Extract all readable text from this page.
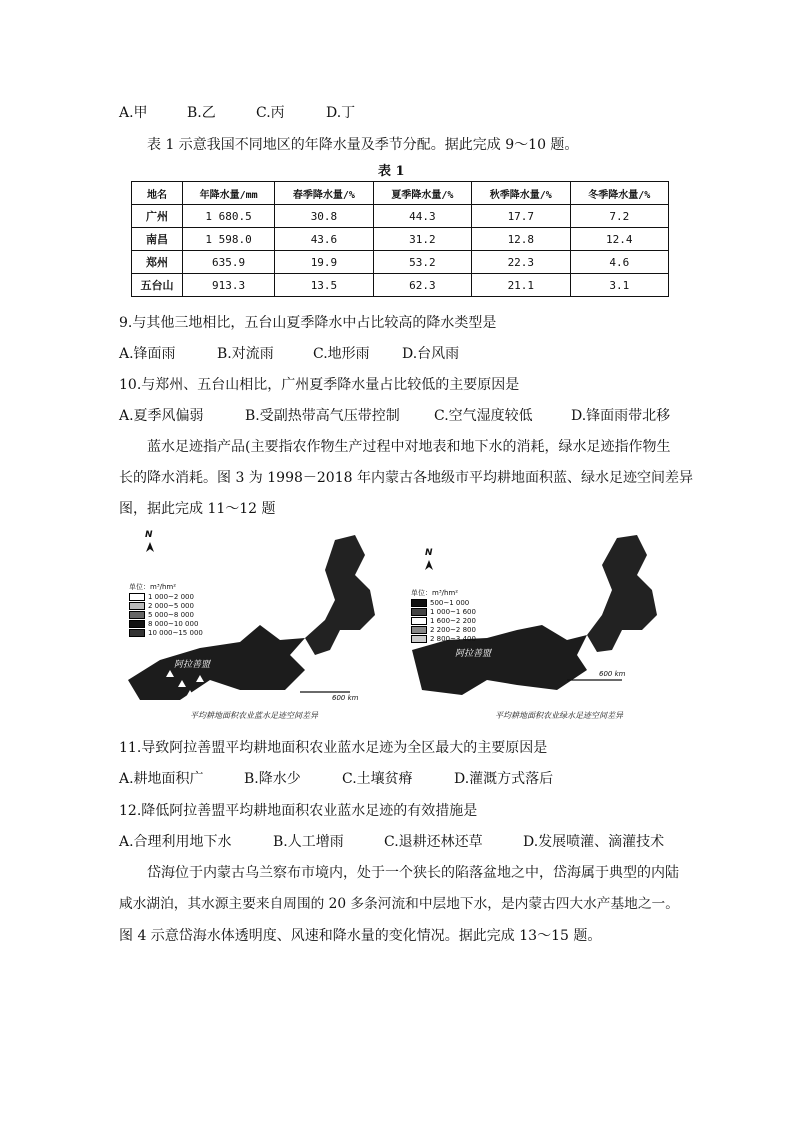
A.甲	B.乙	C.丙	D.丁
表 1 示意我国不同地区的年降水量及季节分配。据此完成 9～10 题。
表 1
地名	年降水量/mm	春季降水量/%	夏季降水量/%	秋季降水量/%	冬季降水量/%
广州	1 680.5	30.8	44.3	17.7	7.2
南昌	1 598.0	43.6	31.2	12.8	12.4
郑州	635.9	19.9	53.2	22.3	4.6
五台山	913.3	13.5	62.3	21.1	3.1
9.与其他三地相比，五台山夏季降水中占比较高的降水类型是
A.锋面雨	B.对流雨	C.地形雨 D.台风雨
10.与郑州、五台山相比，广州夏季降水量占比较低的主要原因是
A.夏季风偏弱	B.受副热带高气压带控制 C.空气湿度较低	D.锋面雨带北移
蓝水足迹指产品(主要指农作物生产过程中对地表和地下水的消耗，绿水足迹指作物生
长的降水消耗。图 3 为 1998－2018 年内蒙古各地级市平均耕地面积蓝、绿水足迹空间差异
图，据此完成 11～12 题
单位：m³/hm²
1 000~2 000
2 000~5 000
5 000~8 000
8 000~10 000
10 000~15 000
N
阿拉善盟
600 km
平均耕地面积农业蓝水足迹空间差异
单位：m³/hm²
500~1 000
1 000~1 600
1 600~2 200
2 200~2 800
2 800~3 400
N
阿拉善盟
600 km
平均耕地面积农业绿水足迹空间差异
11.导致阿拉善盟平均耕地面积农业蓝水足迹为全区最大的主要原因是
A.耕地面积广	B.降水少	C.土壤贫瘠	D.灌溉方式落后
12.降低阿拉善盟平均耕地面积农业蓝水足迹的有效措施是
A.合理利用地下水	B.人工增雨	C.退耕还林还草	D.发展喷灌、滴灌技术
岱海位于内蒙古乌兰察布市境内，处于一个狭长的陷落盆地之中，岱海属于典型的内陆
咸水湖泊，其水源主要来自周围的 20 多条河流和中层地下水，是内蒙古四大水产基地之一。
图 4 示意岱海水体透明度、风速和降水量的变化情况。据此完成 13～15 题。
